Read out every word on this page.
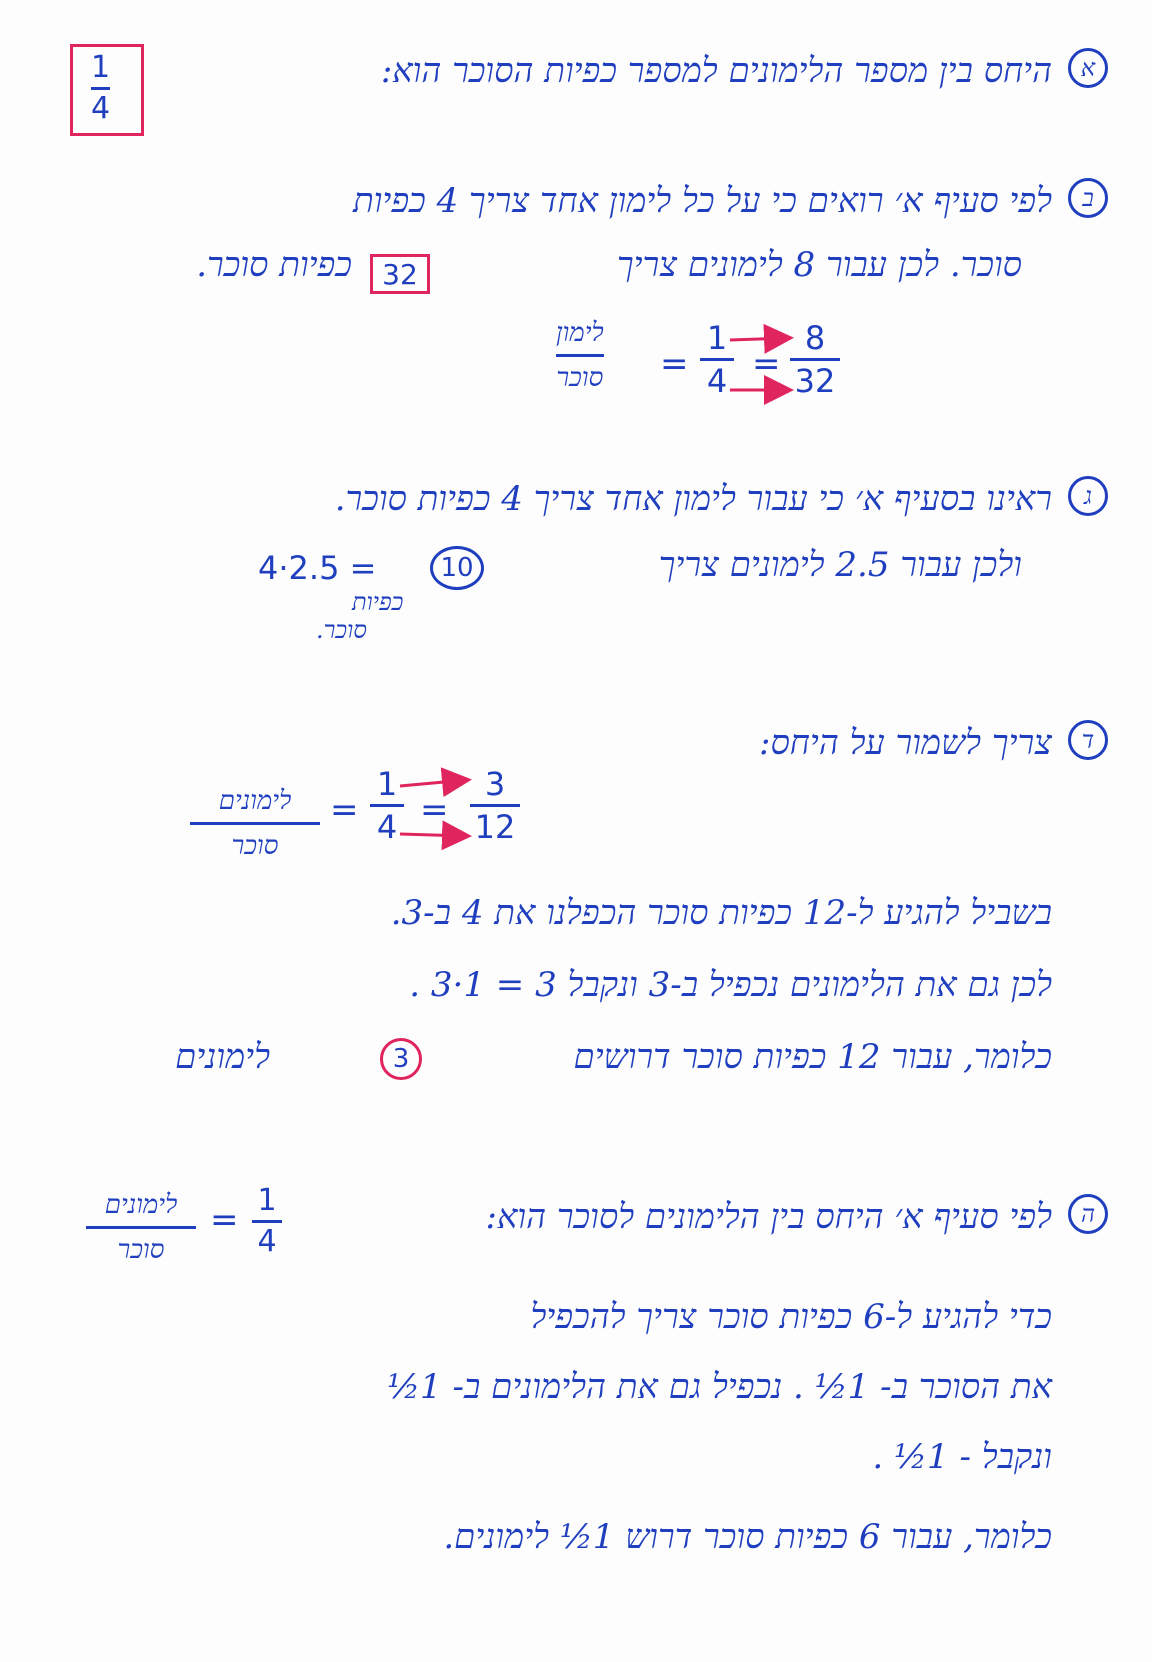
א
היחס בין מספר הלימונים למספר כפיות הסוכר הוא:
1
4
ב
לפי סעיף א׳ רואים כי על כל לימון אחד צריך 4 כפיות
סוכר. לכן עבור 8 לימונים צריך
32
כפיות סוכר.
לימון
סוכר =
1
4 =
8
32
ג
ראינו בסעיף א׳ כי עבור לימון אחד צריך 4 כפיות סוכר.
ולכן עבור 2.5 לימונים צריך
10
4·2.5 =
כפיות
סוכר.
ד
צריך לשמור על היחס:
לימונים
סוכר
=
1
4 =
3
12
בשביל להגיע ל-12 כפיות סוכר הכפלנו את 4 ב-3.
לכן גם את הלימונים נכפיל ב-3 ונקבל 3 = 1·3 .
כלומר, עבור 12 כפיות סוכר דרושים
3
לימונים
ה
לפי סעיף א׳ היחס בין הלימונים לסוכר הוא:
לימונים
סוכר
= 1
4
כדי להגיע ל-6 כפיות סוכר צריך להכפיל
את הסוכר ב- 1½ . נכפיל גם את הלימונים ב- 1½
ונקבל - 1½ .
כלומר, עבור 6 כפיות סוכר דרוש 1½ לימונים.
